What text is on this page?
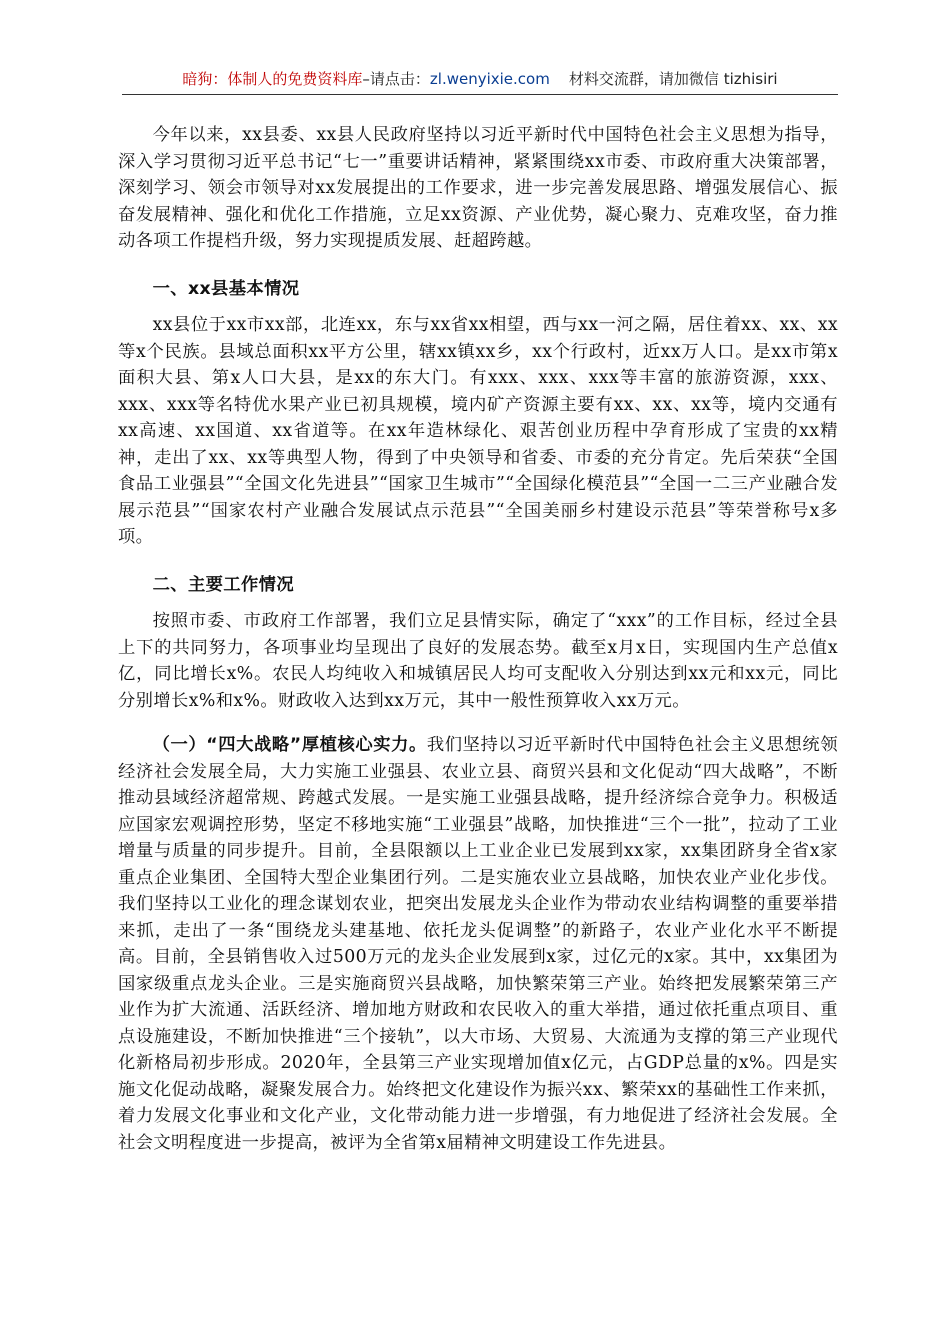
暗狗：体制人的免费资料库–请点击：zl.wenyixie.com 材料交流群，请加微信 tizhisiri

今年以来，xx县委、xx县人民政府坚持以习近平新时代中国特色社会主义思想为指导，深入学习贯彻习近平总书记“七一”重要讲话精神，紧紧围绕xx市委、市政府重大决策部署，深刻学习、领会市领导对xx发展提出的工作要求，进一步完善发展思路、增强发展信心、振奋发展精神、强化和优化工作措施，立足xx资源、产业优势，凝心聚力、克难攻坚，奋力推动各项工作提档升级，努力实现提质发展、赶超跨越。

一、xx县基本情况

xx县位于xx市xx部，北连xx，东与xx省xx相望，西与xx一河之隔，居住着xx、xx、xx等x个民族。县域总面积xx平方公里，辖xx镇xx乡，xx个行政村，近xx万人口。是xx市第x面积大县、第x人口大县，是xx的东大门。有xxx、xxx、xxx等丰富的旅游资源，xxx、xxx、xxx等名特优水果产业已初具规模，境内矿产资源主要有xx、xx、xx等，境内交通有xx高速、xx国道、xx省道等。在xx年造林绿化、艰苦创业历程中孕育形成了宝贵的xx精神，走出了xx、xx等典型人物，得到了中央领导和省委、市委的充分肯定。先后荣获“全国食品工业强县”“全国文化先进县”“国家卫生城市”“全国绿化模范县”“全国一二三产业融合发展示范县”“国家农村产业融合发展试点示范县”“全国美丽乡村建设示范县”等荣誉称号x多项。

二、主要工作情况

按照市委、市政府工作部署，我们立足县情实际，确定了“xxx”的工作目标，经过全县上下的共同努力，各项事业均呈现出了良好的发展态势。截至x月x日，实现国内生产总值x亿，同比增长x%。农民人均纯收入和城镇居民人均可支配收入分别达到xx元和xx元，同比分别增长x%和x%。财政收入达到xx万元，其中一般性预算收入xx万元。

（一）“四大战略”厚植核心实力。我们坚持以习近平新时代中国特色社会主义思想统领经济社会发展全局，大力实施工业强县、农业立县、商贸兴县和文化促动“四大战略”，不断推动县域经济超常规、跨越式发展。一是实施工业强县战略，提升经济综合竞争力。积极适应国家宏观调控形势，坚定不移地实施“工业强县”战略，加快推进“三个一批”，拉动了工业增量与质量的同步提升。目前，全县限额以上工业企业已发展到xx家，xx集团跻身全省x家重点企业集团、全国特大型企业集团行列。二是实施农业立县战略，加快农业产业化步伐。我们坚持以工业化的理念谋划农业，把突出发展龙头企业作为带动农业结构调整的重要举措来抓，走出了一条“围绕龙头建基地、依托龙头促调整”的新路子，农业产业化水平不断提高。目前，全县销售收入过500万元的龙头企业发展到x家，过亿元的x家。其中，xx集团为国家级重点龙头企业。三是实施商贸兴县战略，加快繁荣第三产业。始终把发展繁荣第三产业作为扩大流通、活跃经济、增加地方财政和农民收入的重大举措，通过依托重点项目、重点设施建设，不断加快推进“三个接轨”，以大市场、大贸易、大流通为支撑的第三产业现代化新格局初步形成。2020年，全县第三产业实现增加值x亿元，占GDP总量的x%。四是实施文化促动战略，凝聚发展合力。始终把文化建设作为振兴xx、繁荣xx的基础性工作来抓，着力发展文化事业和文化产业，文化带动能力进一步增强，有力地促进了经济社会发展。全社会文明程度进一步提高，被评为全省第x届精神文明建设工作先进县。
